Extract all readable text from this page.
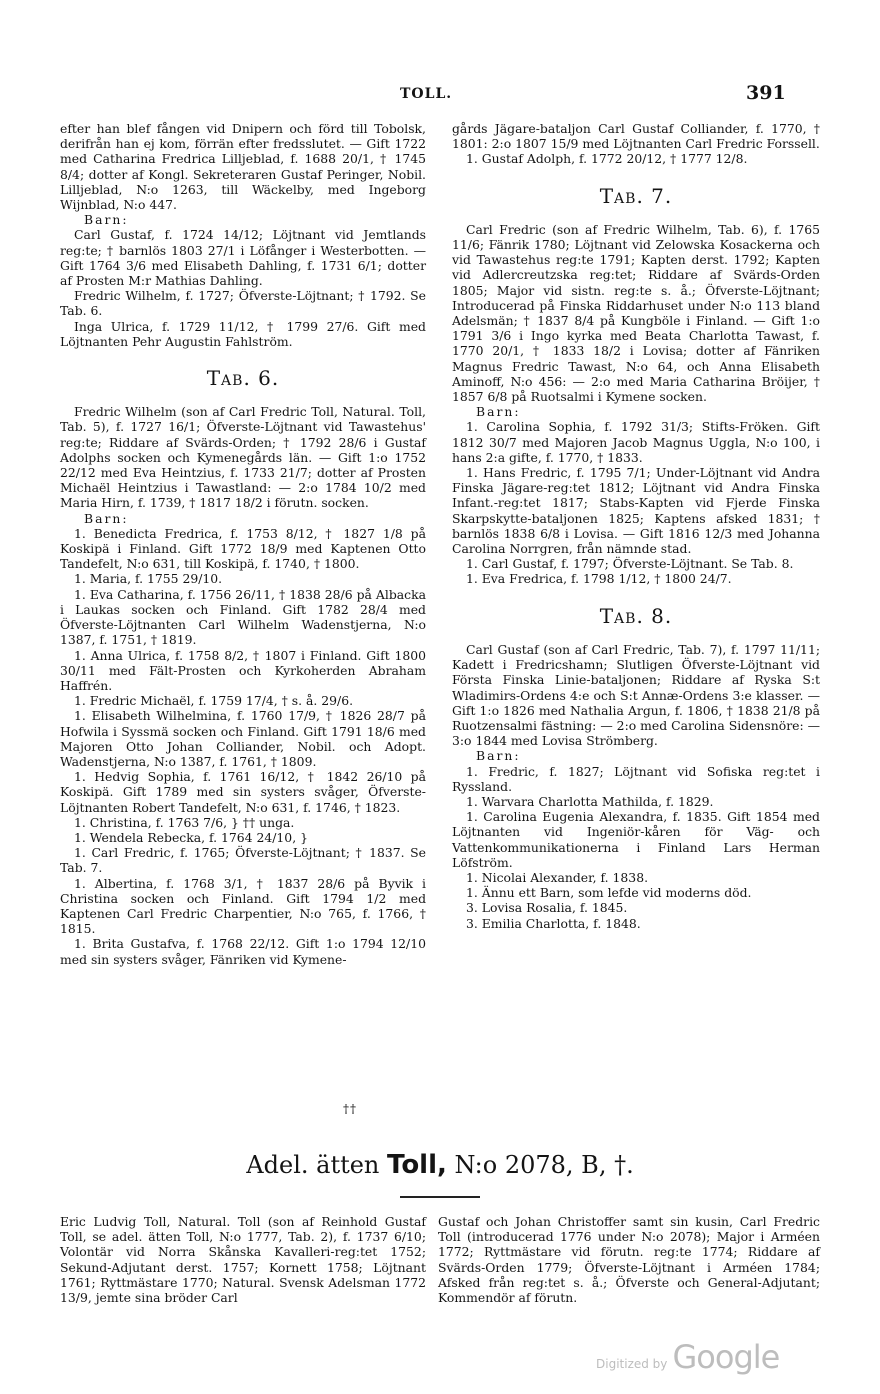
TOLL.	391

efter han blef fången vid Dnipern och förd till Tobolsk, derifrån han ej kom, förrän efter fredsslutet. — Gift 1722 med Catharina Fredrica Lilljeblad, f. 1688 20/1, † 1745 8/4; dotter af Kongl. Sekreteraren Gustaf Peringer, Nobil. Lilljeblad, N:o 1263, till Wäckelby, med Ingeborg Wijnblad, N:o 447.

Barn:

Carl Gustaf, f. 1724 14/12; Löjtnant vid Jemtlands reg:te; † barnlös 1803 27/1 i Löfånger i Westerbotten. — Gift 1764 3/6 med Elisabeth Dahling, f. 1731 6/1; dotter af Prosten M:r Mathias Dahling.

Fredric Wilhelm, f. 1727; Öfverste-Löjtnant; † 1792. Se Tab. 6.

Inga Ulrica, f. 1729 11/12, † 1799 27/6. Gift med Löjtnanten Pehr Augustin Fahlström.

Tab. 6.

Fredric Wilhelm (son af Carl Fredric Toll, Natural. Toll, Tab. 5), f. 1727 16/1; Öfverste-Löjtnant vid Tawastehus' reg:te; Riddare af Svärds-Orden; † 1792 28/6 i Gustaf Adolphs socken och Kymenegårds län. — Gift 1:o 1752 22/12 med Eva Heintzius, f. 1733 21/7; dotter af Prosten Michaël Heintzius i Tawastland: — 2:o 1784 10/2 med Maria Hirn, f. 1739, † 1817 18/2 i förutn. socken.

Barn:

1. Benedicta Fredrica, f. 1753 8/12, † 1827 1/8 på Koskipä i Finland. Gift 1772 18/9 med Kaptenen Otto Tandefelt, N:o 631, till Koskipä, f. 1740, † 1800.

1. Maria, f. 1755 29/10.

1. Eva Catharina, f. 1756 26/11, † 1838 28/6 på Albacka i Laukas socken och Finland. Gift 1782 28/4 med Öfverste-Löjtnanten Carl Wilhelm Wadenstjerna, N:o 1387, f. 1751, † 1819.

1. Anna Ulrica, f. 1758 8/2, † 1807 i Finland. Gift 1800 30/11 med Fält-Prosten och Kyrkoherden Abraham Haffrén.

1. Fredric Michaël, f. 1759 17/4, † s. å. 29/6.

1. Elisabeth Wilhelmina, f. 1760 17/9, † 1826 28/7 på Hofwila i Syssmä socken och Finland. Gift 1791 18/6 med Majoren Otto Johan Colliander, Nobil. och Adopt. Wadenstjerna, N:o 1387, f. 1761, † 1809.

1. Hedvig Sophia, f. 1761 16/12, † 1842 26/10 på Koskipä. Gift 1789 med sin systers svåger, Öfverste-Löjtnanten Robert Tandefelt, N:o 631, f. 1746, † 1823.

1. Christina, f. 1763 7/6, } †† unga.

1. Wendela Rebecka, f. 1764 24/10, }

1. Carl Fredric, f. 1765; Öfverste-Löjtnant; † 1837. Se Tab. 7.

1. Albertina, f. 1768 3/1, † 1837 28/6 på Byvik i Christina socken och Finland. Gift 1794 1/2 med Kaptenen Carl Fredric Charpentier, N:o 765, f. 1766, † 1815.

1. Brita Gustafva, f. 1768 22/12. Gift 1:o 1794 12/10 med sin systers svåger, Fänriken vid Kymene-

gårds Jägare-bataljon Carl Gustaf Colliander, f. 1770, † 1801: 2:o 1807 15/9 med Löjtnanten Carl Fredric Forssell.

1. Gustaf Adolph, f. 1772 20/12, † 1777 12/8.

Tab. 7.

Carl Fredric (son af Fredric Wilhelm, Tab. 6), f. 1765 11/6; Fänrik 1780; Löjtnant vid Zelowska Kosackerna och vid Tawastehus reg:te 1791; Kapten derst. 1792; Kapten vid Adlercreutzska reg:tet; Riddare af Svärds-Orden 1805; Major vid sistn. reg:te s. å.; Öfverste-Löjtnant; Introducerad på Finska Riddarhuset under N:o 113 bland Adelsmän; † 1837 8/4 på Kungböle i Finland. — Gift 1:o 1791 3/6 i Ingo kyrka med Beata Charlotta Tawast, f. 1770 20/1, † 1833 18/2 i Lovisa; dotter af Fänriken Magnus Fredric Tawast, N:o 64, och Anna Elisabeth Aminoff, N:o 456: — 2:o med Maria Catharina Bröijer, † 1857 6/8 på Ruotsalmi i Kymene socken.

Barn:

1. Carolina Sophia, f. 1792 31/3; Stifts-Fröken. Gift 1812 30/7 med Majoren Jacob Magnus Uggla, N:o 100, i hans 2:a gifte, f. 1770, † 1833.

1. Hans Fredric, f. 1795 7/1; Under-Löjtnant vid Andra Finska Jägare-reg:tet 1812; Löjtnant vid Andra Finska Infant.-reg:tet 1817; Stabs-Kapten vid Fjerde Finska Skarpskytte-bataljonen 1825; Kaptens afsked 1831; † barnlös 1838 6/8 i Lovisa. — Gift 1816 12/3 med Johanna Carolina Norrgren, från nämnde stad.

1. Carl Gustaf, f. 1797; Öfverste-Löjtnant. Se Tab. 8.

1. Eva Fredrica, f. 1798 1/12, † 1800 24/7.

Tab. 8.

Carl Gustaf (son af Carl Fredric, Tab. 7), f. 1797 11/11; Kadett i Fredricshamn; Slutligen Öfverste-Löjtnant vid Första Finska Linie-bataljonen; Riddare af Ryska S:t Wladimirs-Ordens 4:e och S:t Annæ-Ordens 3:e klasser. — Gift 1:o 1826 med Nathalia Argun, f. 1806, † 1838 21/8 på Ruotzensalmi fästning: — 2:o med Carolina Sidensnöre: — 3:o 1844 med Lovisa Strömberg.

Barn:

1. Fredric, f. 1827; Löjtnant vid Sofiska reg:tet i Ryssland.

1. Warvara Charlotta Mathilda, f. 1829.

1. Carolina Eugenia Alexandra, f. 1835. Gift 1854 med Löjtnanten vid Ingeniör-kåren för Väg- och Vattenkommunikationerna i Finland Lars Herman Löfström.

1. Nicolai Alexander, f. 1838.

1. Ännu ett Barn, som lefde vid moderns död.

3. Lovisa Rosalia, f. 1845.

3. Emilia Charlotta, f. 1848.

††
Adel. ätten Toll, N:o 2078, B, †.
Eric Ludvig Toll, Natural. Toll (son af Reinhold Gustaf Toll, se adel. ätten Toll, N:o 1777, Tab. 2), f. 1737 6/10; Volontär vid Norra Skånska Kavalleri-reg:tet 1752; Sekund-Adjutant derst. 1757; Kornett 1758; Löjtnant 1761; Ryttmästare 1770; Natural. Svensk Adelsman 1772 13/9, jemte sina bröder Carl
Gustaf och Johan Christoffer samt sin kusin, Carl Fredric Toll (introducerad 1776 under N:o 2078); Major i Arméen 1772; Ryttmästare vid förutn. reg:te 1774; Riddare af Svärds-Orden 1779; Öfverste-Löjtnant i Arméen 1784; Afsked från reg:tet s. å.; Öfverste och General-Adjutant; Kommendör af förutn.
Digitized by Google
